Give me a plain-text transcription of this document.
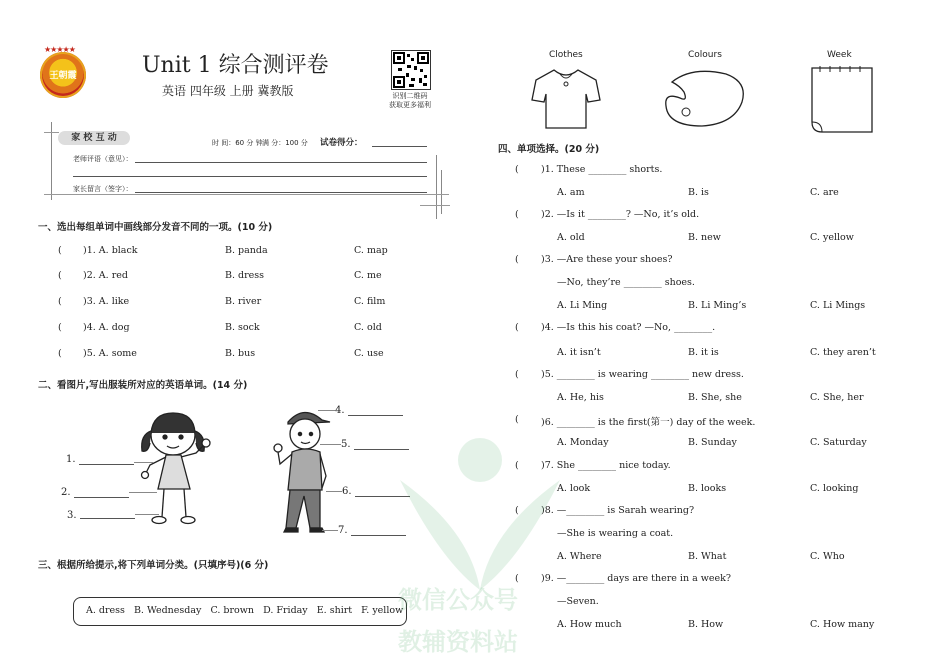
★★★★★
王朝霞	Unit 1 综合测评卷
英语 四年级 上册 冀教版	识别二维码
获取更多福利
家 校 互 动	时 间：60 分 钟 满 分：100 分 试卷得分：
老师评语（意见）：
家长留言（签字）：
一、选出每组单词中画线部分发音不同的一项。(10 分)
( )1. A. black	B. panda	C. map
( )2. A. red	B. dress	C. me
( )3. A. like	B. river	C. film
( )4. A. dog	B. sock	C. old
( )5. A. some	B. bus	C. use
二、看图片,写出服装所对应的英语单词。(14 分)
1.
2.
3.
4.
5.
6.
7.
三、根据所给提示,将下列单词分类。(只填序号)(6 分)
A. dress   B. Wednesday   C. brown   D. Friday   E. shirt   F. yellow
Clothes	Colours	Week
四、单项选择。(20 分)
( )1. These ________ shorts.
A. am	B. is	C. are
( )2. —Is it ________? —No, it’s old.
A. old	B. new	C. yellow
( )3. —Are these your shoes?
—No, they’re ________ shoes.
A. Li Ming	B. Li Ming’s	C. Li Mings
( )4. —Is this his coat? —No, ________.
A. it isn’t	B. it is	C. they aren’t
( )5. ________ is wearing ________ new dress.
A. He, his	B. She, she	C. She, her
( )6. ________ is the first(第一) day of the week.
A. Monday	B. Sunday	C. Saturday
( )7. She ________ nice today.
A. look	B. looks	C. looking
( )8. —________ is Sarah wearing?
—She is wearing a coat.
A. Where	B. What	C. Who
( )9. —________ days are there in a week?
—Seven.
A. How much	B. How	C. How many
微信公众号
教辅资料站
